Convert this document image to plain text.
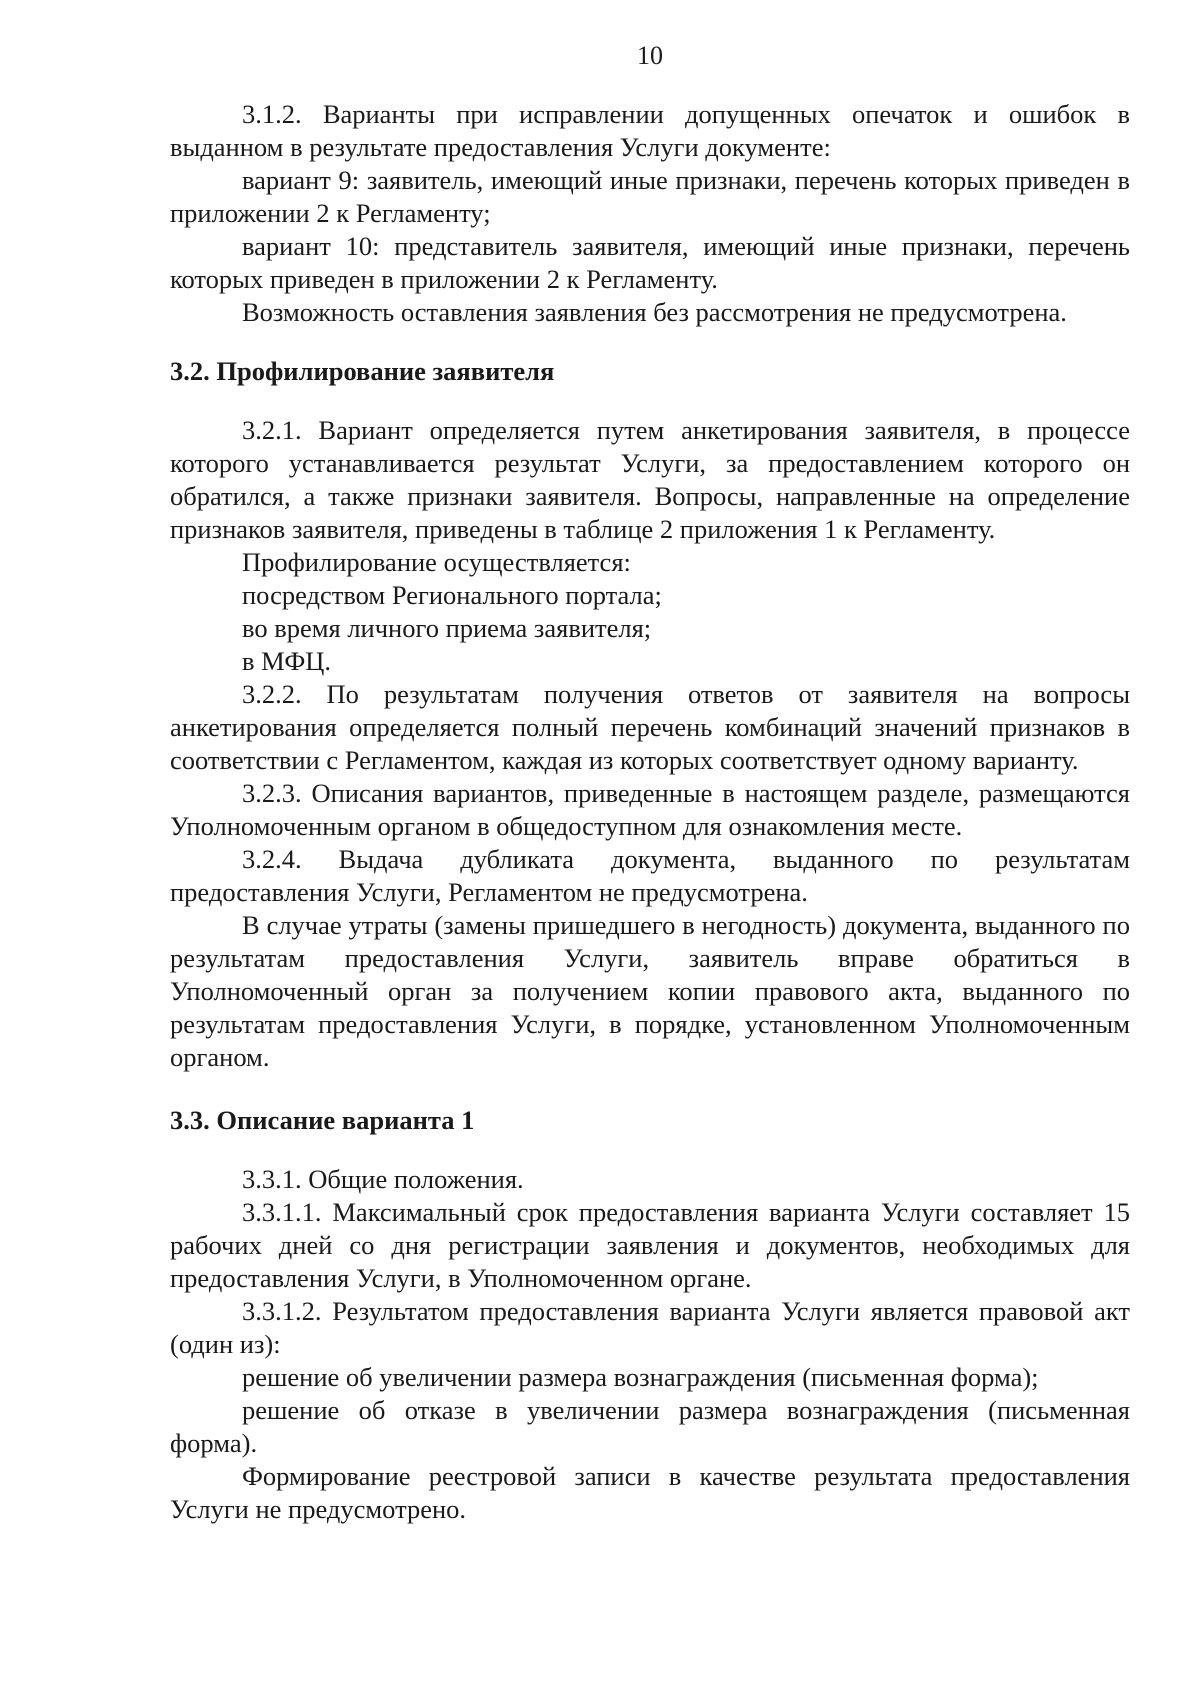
10

3.1.2. Варианты при исправлении допущенных опечаток и ошибок в выданном в результате предоставления Услуги документе:

вариант 9: заявитель, имеющий иные признаки, перечень которых приведен в приложении 2 к Регламенту;

вариант 10: представитель заявителя, имеющий иные признаки, перечень которых приведен в приложении 2 к Регламенту.

Возможность оставления заявления без рассмотрения не предусмотрена.

3.2. Профилирование заявителя

3.2.1. Вариант определяется путем анкетирования заявителя, в процессе которого устанавливается результат Услуги, за предоставлением которого он обратился, а также признаки заявителя. Вопросы, направленные на определение признаков заявителя, приведены в таблице 2 приложения 1 к Регламенту.

Профилирование осуществляется:

посредством Регионального портала;

во время личного приема заявителя;

в МФЦ.

3.2.2. По результатам получения ответов от заявителя на вопросы анкетирования определяется полный перечень комбинаций значений признаков в соответствии с Регламентом, каждая из которых соответствует одному варианту.

3.2.3. Описания вариантов, приведенные в настоящем разделе, размещаются Уполномоченным органом в общедоступном для ознакомления месте.

3.2.4. Выдача дубликата документа, выданного по результатам предоставления Услуги, Регламентом не предусмотрена.

В случае утраты (замены пришедшего в негодность) документа, выданного по результатам предоставления Услуги, заявитель вправе обратиться в Уполномоченный орган за получением копии правового акта, выданного по результатам предоставления Услуги, в порядке, установленном Уполномоченным органом.

3.3. Описание варианта 1

3.3.1. Общие положения.

3.3.1.1. Максимальный срок предоставления варианта Услуги составляет 15 рабочих дней со дня регистрации заявления и документов, необходимых для предоставления Услуги, в Уполномоченном органе.

3.3.1.2. Результатом предоставления варианта Услуги является правовой акт (один из):

решение об увеличении размера вознаграждения (письменная форма);

решение об отказе в увеличении размера вознаграждения (письменная форма).

Формирование реестровой записи в качестве результата предоставления Услуги не предусмотрено.
